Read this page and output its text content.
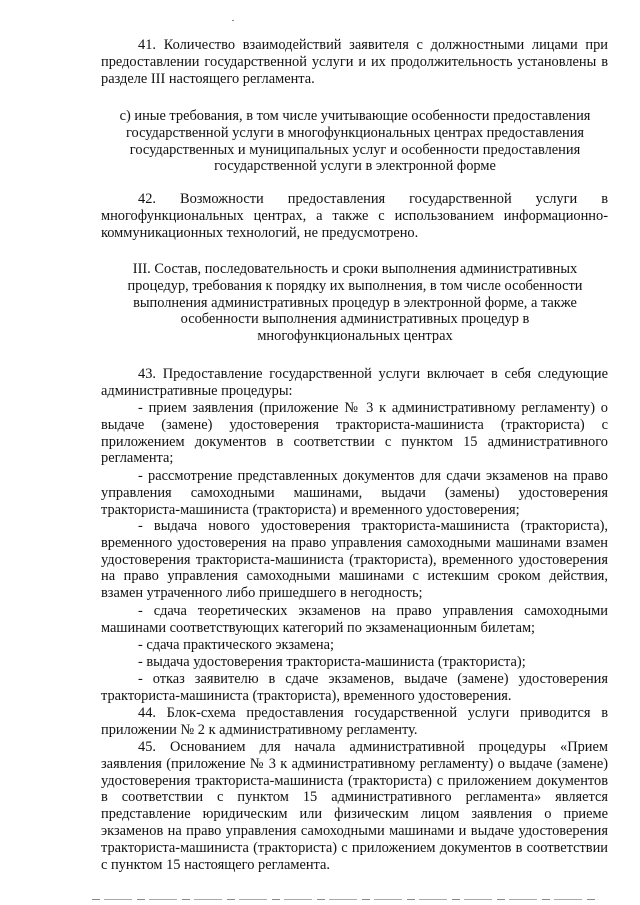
41. Количество взаимодействий заявителя с должностными лицами при предоставлении государственной услуги и их продолжительность установлены в разделе III настоящего регламента.

с) иные требования, в том числе учитывающие особенности предоставления государственной услуги в многофункциональных центрах предоставления государственных и муниципальных услуг и особенности предоставления государственной услуги в электронной форме

42. Возможности предоставления государственной услуги в многофункциональных центрах, а также с использованием информационно-коммуникационных технологий, не предусмотрено.

III. Состав, последовательность и сроки выполнения административных процедур, требования к порядку их выполнения, в том числе особенности выполнения административных процедур в электронной форме, а также особенности выполнения административных процедур в многофункциональных центрах

43. Предоставление государственной услуги включает в себя следующие административные процедуры:

- прием заявления (приложение № 3 к административному регламенту) о выдаче (замене) удостоверения тракториста-машиниста (тракториста) с приложением документов в соответствии с пунктом 15 административного регламента;

- рассмотрение представленных документов для сдачи экзаменов на право управления самоходными машинами, выдачи (замены) удостоверения тракториста-машиниста (тракториста) и временного удостоверения;

- выдача нового удостоверения тракториста-машиниста (тракториста), временного удостоверения на право управления самоходными машинами взамен удостоверения тракториста-машиниста (тракториста), временного удостоверения на право управления самоходными машинами с истекшим сроком действия, взамен утраченного либо пришедшего в негодность;

- сдача теоретических экзаменов на право управления самоходными машинами соответствующих категорий по экзаменационным билетам;

- сдача практического экзамена;

- выдача удостоверения тракториста-машиниста (тракториста);

- отказ заявителю в сдаче экзаменов, выдаче (замене) удостоверения тракториста-машиниста (тракториста), временного удостоверения.

44. Блок-схема предоставления государственной услуги приводится в приложении № 2 к административному регламенту.

45. Основанием для начала административной процедуры «Прием заявления (приложение № 3 к административному регламенту) о выдаче (замене) удостоверения тракториста-машиниста (тракториста) с приложением документов в соответствии с пунктом 15 административного регламента» является представление юридическим или физическим лицом заявления о приеме экзаменов на право управления самоходными машинами и выдаче удостоверения тракториста-машиниста (тракториста) с приложением документов в соответствии с пунктом 15 настоящего регламента.
